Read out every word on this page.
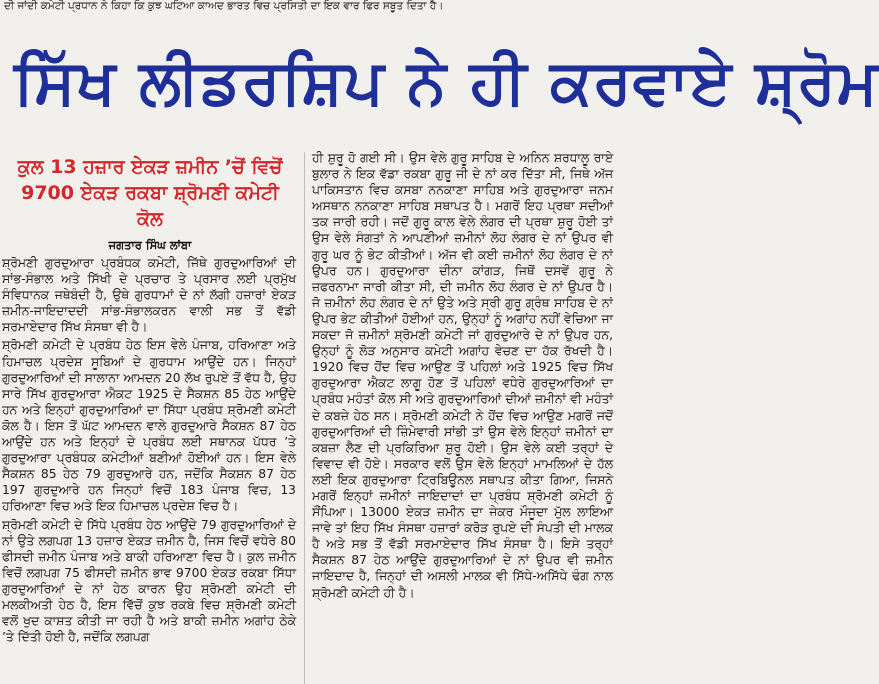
ਦੀ ਜਾਂਦੀ ਕਮੇਟੀ ਪ੍ਰਧਾਨ ਨੇ ਕਿਹਾ ਕਿ ਕੁਝ ਘਟਿਆ ਕਾਅਦ ਭਾਰਤ ਵਿਚ ਪ੍ਰਸਿਤੀ ਦਾ ਇਕ ਵਾਰ ਫਿਰ ਸਬੂਤ ਦਿਤਾ ਹੈ।
ਸਿੱਖ ਲੀਡਰਸ਼ਿਪ ਨੇ ਹੀ ਕਰਵਾਏ ਸ਼੍ਰੋਮ
ਕੁਲ 13 ਹਜ਼ਾਰ ਏਕੜ ਜ਼ਮੀਨ ’ਚੋਂ ਵਿਚੋਂ 9700 ਏਕੜ ਰਕਬਾ ਸ਼੍ਰੋਮਣੀ ਕਮੇਟੀ ਕੋਲ
ਜਗਤਾਰ ਸਿੰਘ ਲਾਂਬਾ

ਸ਼੍ਰੋਮਣੀ ਗੁਰਦੁਆਰਾ ਪ੍ਰਬੰਧਕ ਕਮੇਟੀ, ਜਿੱਥੇ ਗੁਰਦੁਆਰਿਆਂ ਦੀ ਸਾਂਭ-ਸੰਭਾਲ ਅਤੇ ਸਿੱਖੀ ਦੇ ਪ੍ਰਚਾਰ ਤੇ ਪ੍ਰਸਾਰ ਲਈ ਪ੍ਰਮੁੱਖ ਸੰਵਿਧਾਨਕ ਜਥੇਬੰਦੀ ਹੈ, ਉਥੇ ਗੁਰਧਾਮਾਂ ਦੇ ਨਾਂ ਲੱਗੀ ਹਜ਼ਾਰਾਂ ਏਕੜ ਜ਼ਮੀਨ-ਜਾਇਦਾਦਦੀ ਸਾਂਭ-ਸੰਭਾਲਕਰਨ ਵਾਲੀ ਸਭ ਤੋਂ ਵੱਡੀ ਸਰਮਾਏਦਾਰ ਸਿੱਖ ਸੰਸਥਾ ਵੀ ਹੈ।

ਸ਼੍ਰੋਮਣੀ ਕਮੇਟੀ ਦੇ ਪ੍ਰਬੰਧ ਹੇਠ ਇਸ ਵੇਲੇ ਪੰਜਾਬ, ਹਰਿਆਣਾ ਅਤੇ ਹਿਮਾਚਲ ਪ੍ਰਦੇਸ਼ ਸੂਬਿਆਂ ਦੇ ਗੁਰਧਾਮ ਆਉਂਦੇ ਹਨ। ਜਿਨ੍ਹਾਂ ਗੁਰਦੁਆਰਿਆਂ ਦੀ ਸਾਲਾਨਾ ਆਮਦਨ 20 ਲੱਖ ਰੁਪਏ ਤੋਂ ਵੱਧ ਹੈ, ਉਹ ਸਾਰੇ ਸਿੱਖ ਗੁਰਦੁਆਰਾ ਐਕਟ 1925 ਦੇ ਸੈਕਸ਼ਨ 85 ਹੇਠ ਆਉਂਦੇ ਹਨ ਅਤੇ ਇਨ੍ਹਾਂ ਗੁਰਦੁਆਰਿਆਂ ਦਾ ਸਿੱਧਾ ਪ੍ਰਬੰਧ ਸ਼੍ਰੋਮਣੀ ਕਮੇਟੀ ਕੋਲ ਹੈ। ਇਸ ਤੋਂ ਘੱਟ ਆਮਦਨ ਵਾਲੇ ਗੁਰਦੁਆਰੇ ਸੈਕਸ਼ਨ 87 ਹੇਠ ਆਉਂਦੇ ਹਨ ਅਤੇ ਇਨ੍ਹਾਂ ਦੇ ਪ੍ਰਬੰਧ ਲਈ ਸਥਾਨਕ ਪੱਧਰ ’ਤੇ ਗੁਰਦੁਆਰਾ ਪ੍ਰਬੰਧਕ ਕਮੇਟੀਆਂ ਬਣੀਆਂ ਹੋਈਆਂ ਹਨ। ਇਸ ਵੇਲੇ ਸੈਕਸ਼ਨ 85 ਹੇਠ 79 ਗੁਰਦੁਆਰੇ ਹਨ, ਜਦੋਂਕਿ ਸੈਕਸ਼ਨ 87 ਹੇਠ 197 ਗੁਰਦੁਆਰੇ ਹਨ ਜਿਨ੍ਹਾਂ ਵਿਚੋਂ 183 ਪੰਜਾਬ ਵਿਚ, 13 ਹਰਿਆਣਾ ਵਿਚ ਅਤੇ ਇਕ ਹਿਮਾਚਲ ਪ੍ਰਦੇਸ਼ ਵਿਚ ਹੈ।

ਸ਼੍ਰੋਮਣੀ ਕਮੇਟੀ ਦੇ ਸਿੱਧੇ ਪ੍ਰਬੰਧ ਹੇਠ ਆਉਂਦੇ 79 ਗੁਰਦੁਆਰਿਆਂ ਦੇ ਨਾਂ ਉਤੇ ਲਗਪਗ 13 ਹਜ਼ਾਰ ਏਕੜ ਜ਼ਮੀਨ ਹੈ, ਜਿਸ ਵਿਚੋਂ ਵਧੇਰੇ 80 ਫੀਸਦੀ ਜ਼ਮੀਨ ਪੰਜਾਬ ਅਤੇ ਬਾਕੀ ਹਰਿਆਣਾ ਵਿਚ ਹੈ। ਕੁਲ ਜ਼ਮੀਨ ਵਿਚੋਂ ਲਗਪਗ 75 ਫੀਸਦੀ ਜ਼ਮੀਨ ਭਾਵ 9700 ਏਕੜ ਰਕਬਾ ਸਿੱਧਾ ਗੁਰਦੁਆਰਿਆਂ ਦੇ ਨਾਂ ਹੇਠ ਕਾਰਨ ਉਹ ਸ਼੍ਰੋਮਣੀ ਕਮੇਟੀ ਦੀ ਮਲਕੀਅਤੀ ਹੇਠ ਹੈ, ਇਸ ਵਿੱਚੋਂ ਕੁਝ ਰਕਬੇ ਵਿਚ ਸ਼੍ਰੋਮਣੀ ਕਮੇਟੀ ਵਲੋਂ ਖੁਦ ਕਾਸ਼ਤ ਕੀਤੀ ਜਾ ਰਹੀ ਹੈ ਅਤੇ ਬਾਕੀ ਜ਼ਮੀਨ ਅਗਾਂਹ ਠੇਕੇ ’ਤੇ ਦਿੱਤੀ ਹੋਈ ਹੈ, ਜਦੋਂਕਿ ਲਗਪਗ

ਹੀ ਸ਼ੁਰੂ ਹੋ ਗਈ ਸੀ। ਉਸ ਵੇਲੇ ਗੁਰੂ ਸਾਹਿਬ ਦੇ ਅਨਿਨ ਸ਼ਰਧਾਲੂ ਰਾਏ ਬੁਲਾਰ ਨੇ ਇਕ ਵੱਡਾ ਰਕਬਾ ਗੁਰੂ ਜੀ ਦੇ ਨਾਂ ਕਰ ਦਿੱਤਾ ਸੀ, ਜਿਥੇ ਅੱਜ ਪਾਕਿਸਤਾਨ ਵਿਚ ਕਸਬਾ ਨਨਕਾਣਾ ਸਾਹਿਬ ਅਤੇ ਗੁਰਦੁਆਰਾ ਜਨਮ ਅਸਥਾਨ ਨਨਕਾਣਾ ਸਾਹਿਬ ਸਥਾਪਤ ਹੈ। ਮਗਰੋਂ ਇਹ ਪ੍ਰਥਾ ਸਦੀਆਂ ਤਕ ਜਾਰੀ ਰਹੀ। ਜਦੋਂ ਗੁਰੂ ਕਾਲ ਵੇਲੇ ਲੰਗਰ ਦੀ ਪ੍ਰਥਾ ਸ਼ੁਰੂ ਹੋਈ ਤਾਂ ਉਸ ਵੇਲੇ ਸੰਗਤਾਂ ਨੇ ਆਪਣੀਆਂ ਜ਼ਮੀਨਾਂ ਲੋਹ ਲੰਗਰ ਦੇ ਨਾਂ ਉਪਰ ਵੀ ਗੁਰੂ ਘਰ ਨੂੰ ਭੇਟ ਕੀਤੀਆਂ। ਅੱਜ ਵੀ ਕਈ ਜ਼ਮੀਨਾਂ ਲੋਹ ਲੰਗਰ ਦੇ ਨਾਂ ਉਪਰ ਹਨ। ਗੁਰਦੁਆਰਾ ਦੀਨਾ ਕਾਂਗੜ, ਜਿਥੋਂ ਦਸਵੇਂ ਗੁਰੂ ਨੇ ਜ਼ਫਰਨਾਮਾ ਜਾਰੀ ਕੀਤਾ ਸੀ, ਦੀ ਜ਼ਮੀਨ ਲੋਹ ਲੰਗਰ ਦੇ ਨਾਂ ਉਪਰ ਹੈ। ਜੋ ਜ਼ਮੀਨਾਂ ਲੋਹ ਲੰਗਰ ਦੇ ਨਾਂ ਉਤੇ ਅਤੇ ਸ੍ਰੀ ਗੁਰੂ ਗ੍ਰੰਥ ਸਾਹਿਬ ਦੇ ਨਾਂ ਉਪਰ ਭੇਟ ਕੀਤੀਆਂ ਹੋਈਆਂ ਹਨ, ਉਨ੍ਹਾਂ ਨੂੰ ਅਗਾਂਹ ਨਹੀਂ ਵੇਚਿਆ ਜਾ ਸਕਦਾ ਜੋ ਜ਼ਮੀਨਾਂ ਸ਼੍ਰੋਮਣੀ ਕਮੇਟੀ ਜਾਂ ਗੁਰਦੁਆਰੇ ਦੇ ਨਾਂ ਉਪਰ ਹਨ, ਉਨ੍ਹਾਂ ਨੂੰ ਲੋੜ ਅਨੁਸਾਰ ਕਮੇਟੀ ਅਗਾਂਹ ਵੇਚਣ ਦਾ ਹੱਕ ਰੱਖਦੀ ਹੈ। 1920 ਵਿਚ ਹੋਂਦ ਵਿਚ ਆਉਣ ਤੋਂ ਪਹਿਲਾਂ ਅਤੇ 1925 ਵਿਚ ਸਿੱਖ ਗੁਰਦੁਆਰਾ ਐਕਟ ਲਾਗੂ ਹੋਣ ਤੋਂ ਪਹਿਲਾਂ ਵਧੇਰੇ ਗੁਰਦੁਆਰਿਆਂ ਦਾ ਪ੍ਰਬੰਧ ਮਹੰਤਾਂ ਕੋਲ ਸੀ ਅਤੇ ਗੁਰਦੁਆਰਿਆਂ ਦੀਆਂ ਜ਼ਮੀਨਾਂ ਵੀ ਮਹੰਤਾਂ ਦੇ ਕਬਜ਼ੇ ਹੇਠ ਸਨ। ਸ਼੍ਰੋਮਣੀ ਕਮੇਟੀ ਨੇ ਹੋਂਦ ਵਿਚ ਆਉਣ ਮਗਰੋਂ ਜਦੋਂ ਗੁਰਦੁਆਰਿਆਂ ਦੀ ਜ਼ਿੰਮੇਵਾਰੀ ਸਾਂਭੀ ਤਾਂ ਉਸ ਵੇਲੇ ਇਨ੍ਹਾਂ ਜ਼ਮੀਨਾਂ ਦਾ ਕਬਜ਼ਾ ਲੈਣ ਦੀ ਪ੍ਰਕਿਰਿਆ ਸ਼ੁਰੂ ਹੋਈ। ਉਸ ਵੇਲੇ ਕਈ ਤਰ੍ਹਾਂ ਦੇ ਵਿਵਾਦ ਵੀ ਹੋਏ। ਸਰਕਾਰ ਵਲੋਂ ਉਸ ਵੇਲੇ ਇਨ੍ਹਾਂ ਮਾਮਲਿਆਂ ਦੇ ਹੱਲ ਲਈ ਇਕ ਗੁਰਦੁਆਰਾ ਟ੍ਰਿਬਿਊਨਲ ਸਥਾਪਤ ਕੀਤਾ ਗਿਆ, ਜਿਸਨੇ ਮਗਰੋਂ ਇਨ੍ਹਾਂ ਜ਼ਮੀਨਾਂ ਜਾਇਦਾਦਾਂ ਦਾ ਪ੍ਰਬੰਧ ਸ਼੍ਰੋਮਣੀ ਕਮੇਟੀ ਨੂੰ ਸੌਂਪਿਆ। 13000 ਏਕੜ ਜ਼ਮੀਨ ਦਾ ਜੇਕਰ ਮੌਜੂਦਾ ਮੁੱਲ ਲਾਇਆ ਜਾਵੇ ਤਾਂ ਇਹ ਸਿੱਖ ਸੰਸਥਾ ਹਜ਼ਾਰਾਂ ਕਰੋੜ ਰੁਪਏ ਦੀ ਸੰਪਤੀ ਦੀ ਮਾਲਕ ਹੈ ਅਤੇ ਸਭ ਤੋਂ ਵੱਡੀ ਸਰਮਾਏਦਾਰ ਸਿੱਖ ਸੰਸਥਾ ਹੈ। ਇਸੇ ਤਰ੍ਹਾਂ ਸੈਕਸ਼ਨ 87 ਹੇਠ ਆਉਂਦੇ ਗੁਰਦੁਆਰਿਆਂ ਦੇ ਨਾਂ ਉਪਰ ਵੀ ਜ਼ਮੀਨ ਜਾਇਦਾਦ ਹੈ, ਜਿਨ੍ਹਾਂ ਦੀ ਅਸਲੀ ਮਾਲਕ ਵੀ ਸਿੱਧੇ-ਅਸਿੱਧੇ ਢੰਗ ਨਾਲ ਸ਼੍ਰੋਮਣੀ ਕਮੇਟੀ ਹੀ ਹੈ।
